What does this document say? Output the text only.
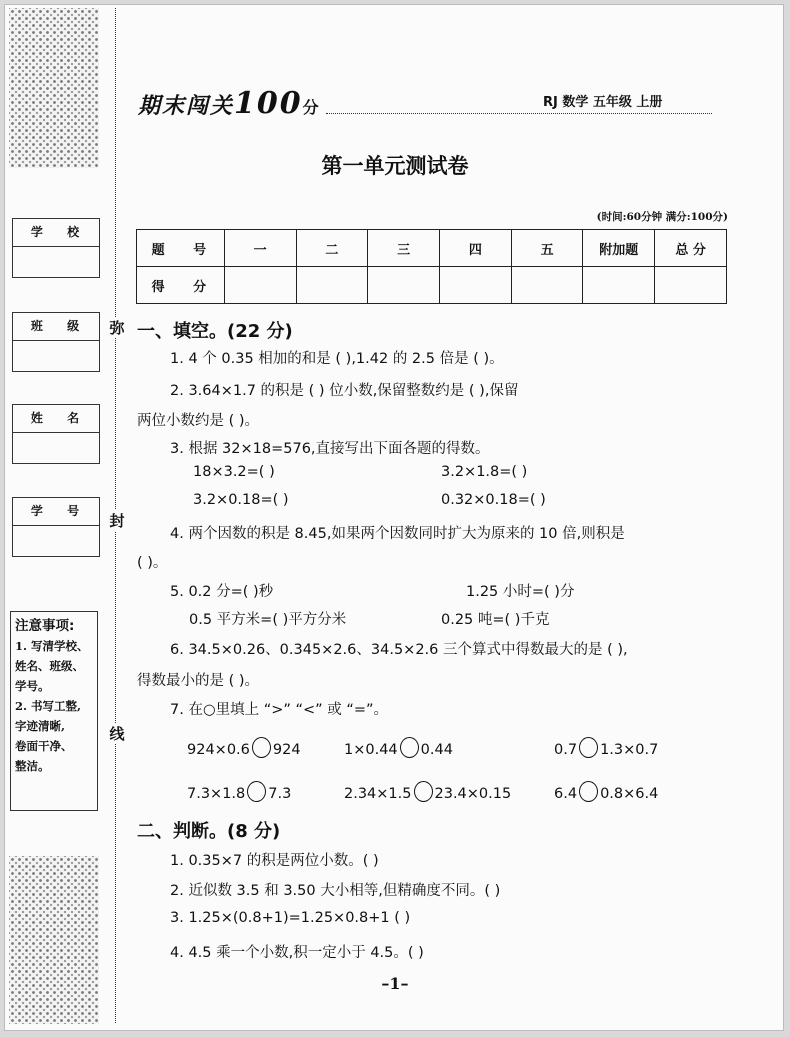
弥
封
线
学 校
班 级
姓 名
学 号
注意事项:
1. 写清学校、
姓名、班级、
学号。
2. 书写工整,
字迹清晰,
卷面干净、
整洁。
期末闯关100分	RJ 数学 五年级 上册
第一单元测试卷
(时间:60分钟 满分:100分)
题 号	一	二	三	四	五	附加题	总 分
得 分							
一、填空。(22 分)
1. 4 个 0.35 相加的和是 ( ),1.42 的 2.5 倍是 ( )。
2. 3.64×1.7 的积是 ( ) 位小数,保留整数约是 ( ),保留
两位小数约是 ( )。
3. 根据 32×18=576,直接写出下面各题的得数。
18×3.2=( )	3.2×1.8=( )
3.2×0.18=( )	0.32×0.18=( )
4. 两个因数的积是 8.45,如果两个因数同时扩大为原来的 10 倍,则积是
( )。
5. 0.2 分=( )秒	1.25 小时=( )分
0.5 平方米=( )平方分米	0.25 吨=( )千克
6. 34.5×0.26、0.345×2.6、34.5×2.6 三个算式中得数最大的是 ( ),
得数最小的是 ( )。
7. 在○里填上 “>” “<” 或 “=”。
924×0.6 924	1×0.44 0.44	0.7 1.3×0.7
7.3×1.8 7.3	2.34×1.5 23.4×0.15	6.4 0.8×6.4
二、判断。(8 分)
1. 0.35×7 的积是两位小数。( )
2. 近似数 3.5 和 3.50 大小相等,但精确度不同。( )
3. 1.25×(0.8+1)=1.25×0.8+1 ( )
4. 4.5 乘一个小数,积一定小于 4.5。( )
–1–
